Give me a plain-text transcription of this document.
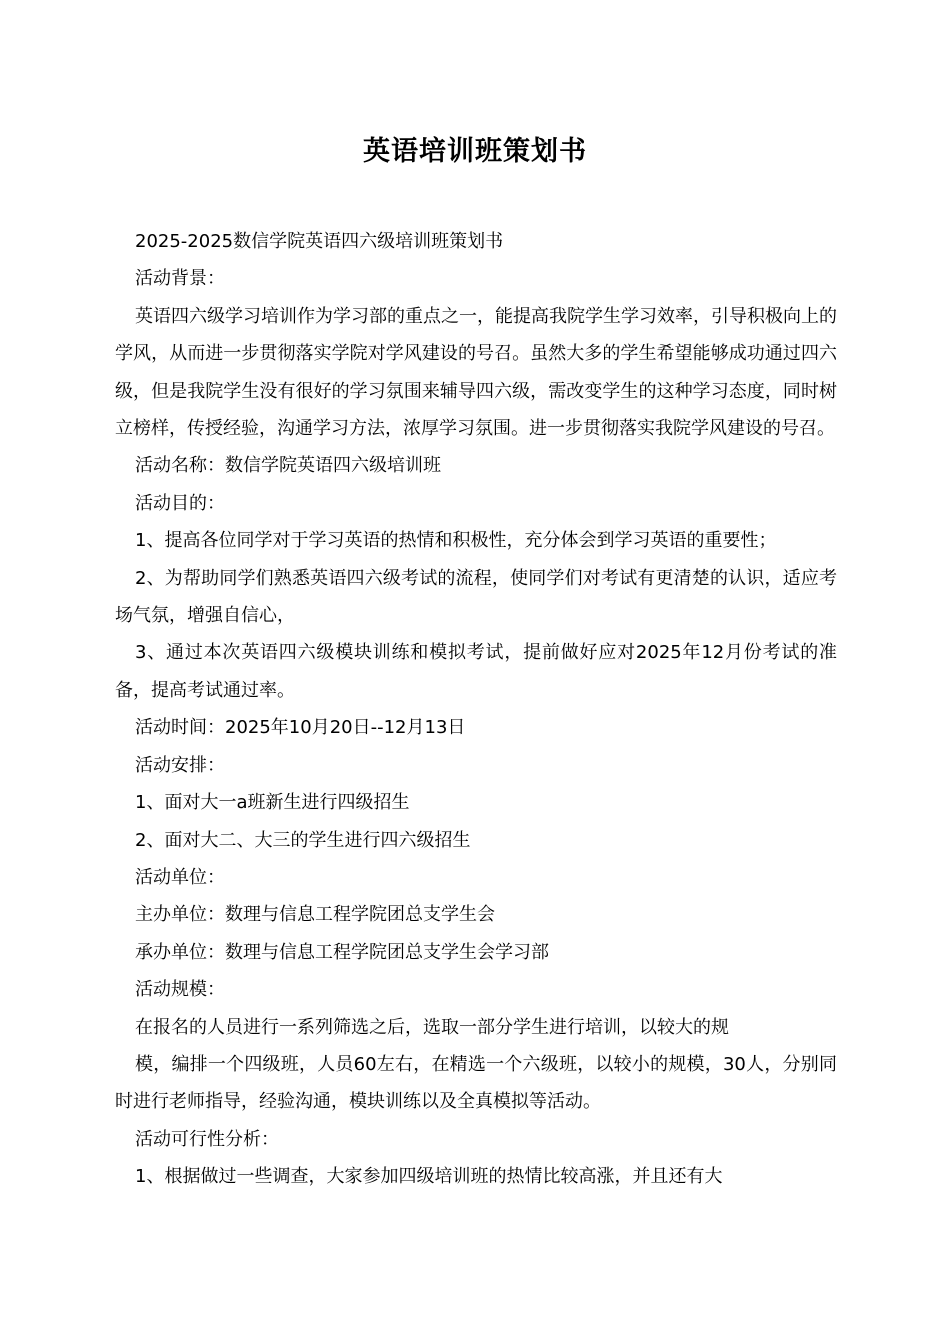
英语培训班策划书

2025-2025数信学院英语四六级培训班策划书

活动背景：

英语四六级学习培训作为学习部的重点之一，能提高我院学生学习效率，引导积极向上的学风，从而进一步贯彻落实学院对学风建设的号召。虽然大多的学生希望能够成功通过四六级，但是我院学生没有很好的学习氛围来辅导四六级，需改变学生的这种学习态度，同时树立榜样，传授经验，沟通学习方法，浓厚学习氛围。进一步贯彻落实我院学风建设的号召。

活动名称：数信学院英语四六级培训班

活动目的：

1、提高各位同学对于学习英语的热情和积极性，充分体会到学习英语的重要性；

2、为帮助同学们熟悉英语四六级考试的流程，使同学们对考试有更清楚的认识，适应考场气氛，增强自信心，

3、通过本次英语四六级模块训练和模拟考试，提前做好应对2025年12月份考试的准备，提高考试通过率。

活动时间：2025年10月20日--12月13日

活动安排：

1、面对大一a班新生进行四级招生

2、面对大二、大三的学生进行四六级招生

活动单位：

主办单位：数理与信息工程学院团总支学生会

承办单位：数理与信息工程学院团总支学生会学习部

活动规模：

在报名的人员进行一系列筛选之后，选取一部分学生进行培训，以较大的规

模，编排一个四级班，人员60左右，在精选一个六级班，以较小的规模，30人，分别同时进行老师指导，经验沟通，模块训练以及全真模拟等活动。

活动可行性分析：

1、根据做过一些调查，大家参加四级培训班的热情比较高涨，并且还有大
